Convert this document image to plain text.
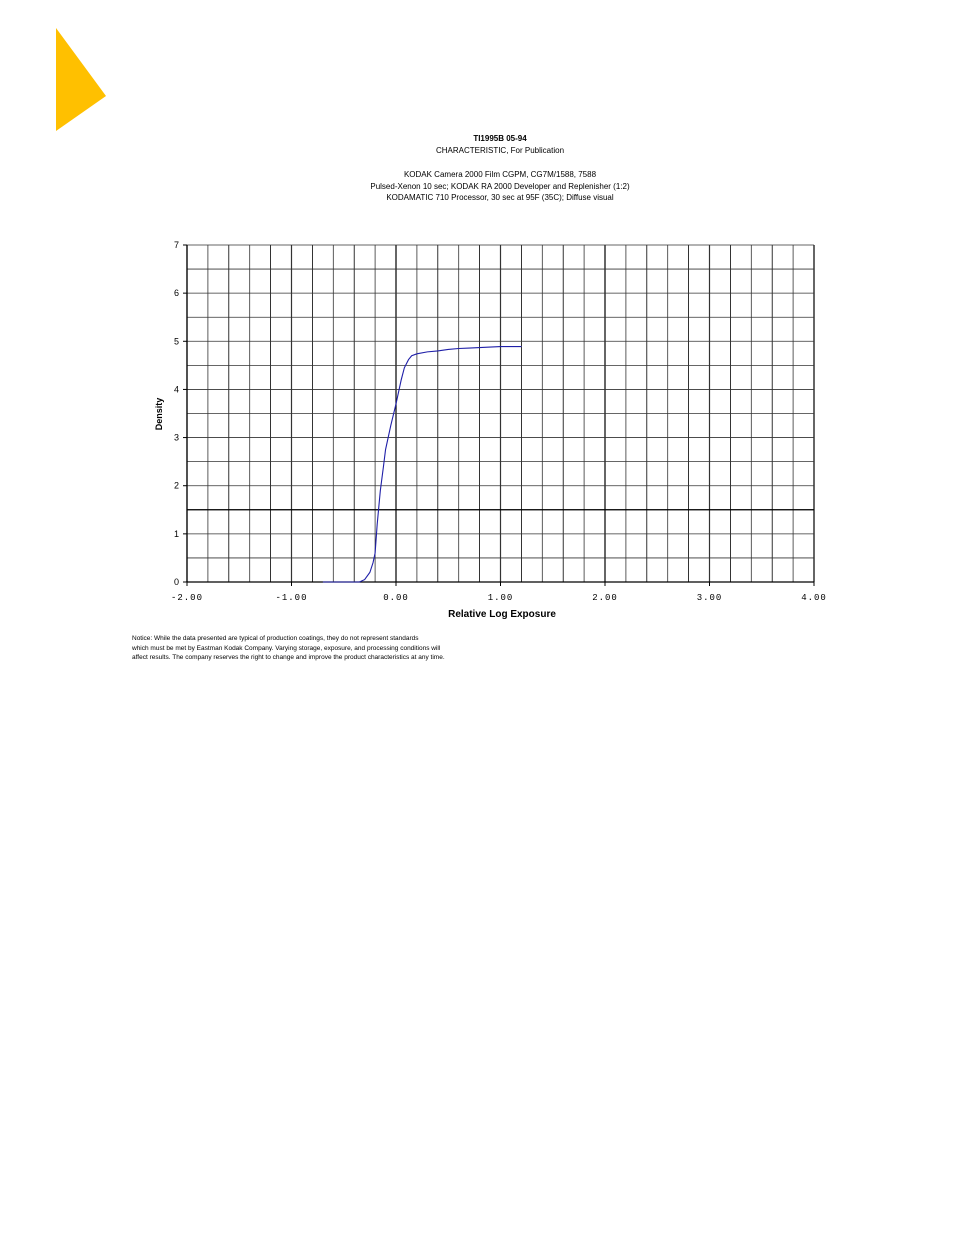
TI1995B 05-94
CHARACTERISTIC, For Publication
KODAK Camera 2000 Film CGPM, CG7M/1588, 7588
Pulsed-Xenon 10 sec; KODAK RA 2000 Developer and Replenisher (1:2)
KODAMATIC 710 Processor, 30 sec at 95F (35C); Diffuse visual
-2.00	-1.00	0.00	1.00	2.00	3.00	4.00
0
1
2
3
4
5
6
7
Relative Log Exposure
Density
Notice: While the data presented are typical of production coatings, they do not represent standards
which must be met by Eastman Kodak Company. Varying storage, exposure, and processing conditions will
affect results. The company reserves the right to change and improve the product characteristics at any time.
